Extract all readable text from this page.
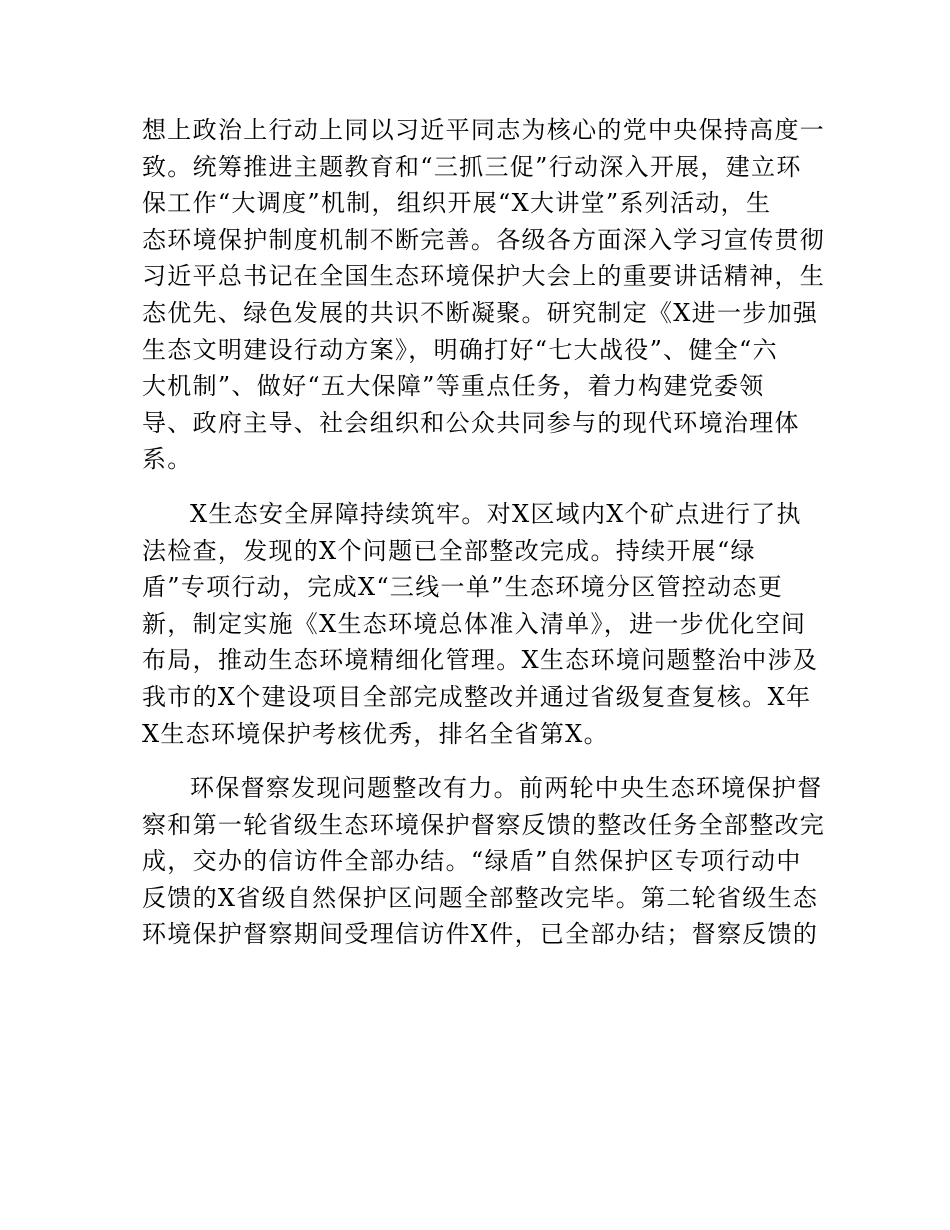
想上政治上行动上同以习近平同志为核心的党中央保持高度一
致。统筹推进主题教育和“三抓三促”行动深入开展，建立环
保工作“大调度”机制，组织开展“X大讲堂”系列活动，生
态环境保护制度机制不断完善。各级各方面深入学习宣传贯彻
习近平总书记在全国生态环境保护大会上的重要讲话精神，生
态优先、绿色发展的共识不断凝聚。研究制定《X进一步加强
生态文明建设行动方案》，明确打好“七大战役”、健全“六
大机制”、做好“五大保障”等重点任务，着力构建党委领
导、政府主导、社会组织和公众共同参与的现代环境治理体
系。
X生态安全屏障持续筑牢。对X区域内X个矿点进行了执
法检查，发现的X个问题已全部整改完成。持续开展“绿
盾”专项行动，完成X“三线一单”生态环境分区管控动态更
新，制定实施《X生态环境总体准入清单》，进一步优化空间
布局，推动生态环境精细化管理。X生态环境问题整治中涉及
我市的X个建设项目全部完成整改并通过省级复查复核。X年
X生态环境保护考核优秀，排名全省第X。
环保督察发现问题整改有力。前两轮中央生态环境保护督
察和第一轮省级生态环境保护督察反馈的整改任务全部整改完
成，交办的信访件全部办结。“绿盾”自然保护区专项行动中
反馈的X省级自然保护区问题全部整改完毕。第二轮省级生态
环境保护督察期间受理信访件X件，已全部办结；督察反馈的
